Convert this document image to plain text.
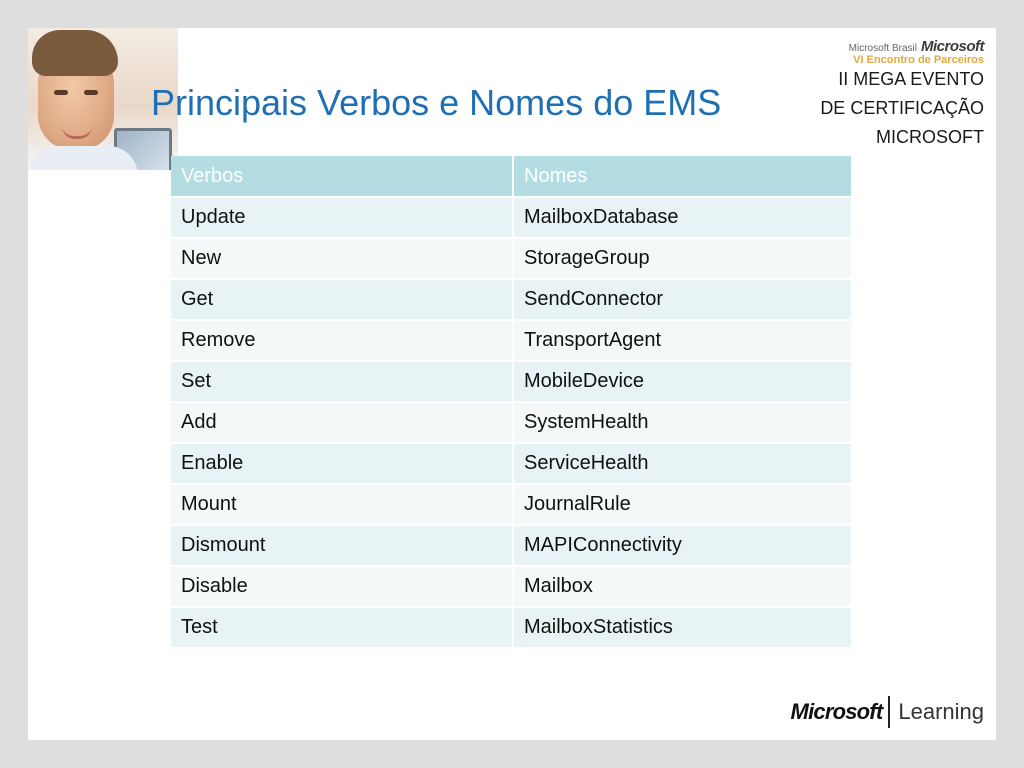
Principais Verbos e Nomes do EMS
Microsoft Brasil Microsoft
VI Encontro de Parceiros
II MEGA EVENTO
DE CERTIFICAÇÃO
MICROSOFT
Verbos	Nomes
Update	MailboxDatabase
New	StorageGroup
Get	SendConnector
Remove	TransportAgent
Set	MobileDevice
Add	SystemHealth
Enable	ServiceHealth
Mount	JournalRule
Dismount	MAPIConnectivity
Disable	Mailbox
Test	MailboxStatistics
Microsoft Learning
